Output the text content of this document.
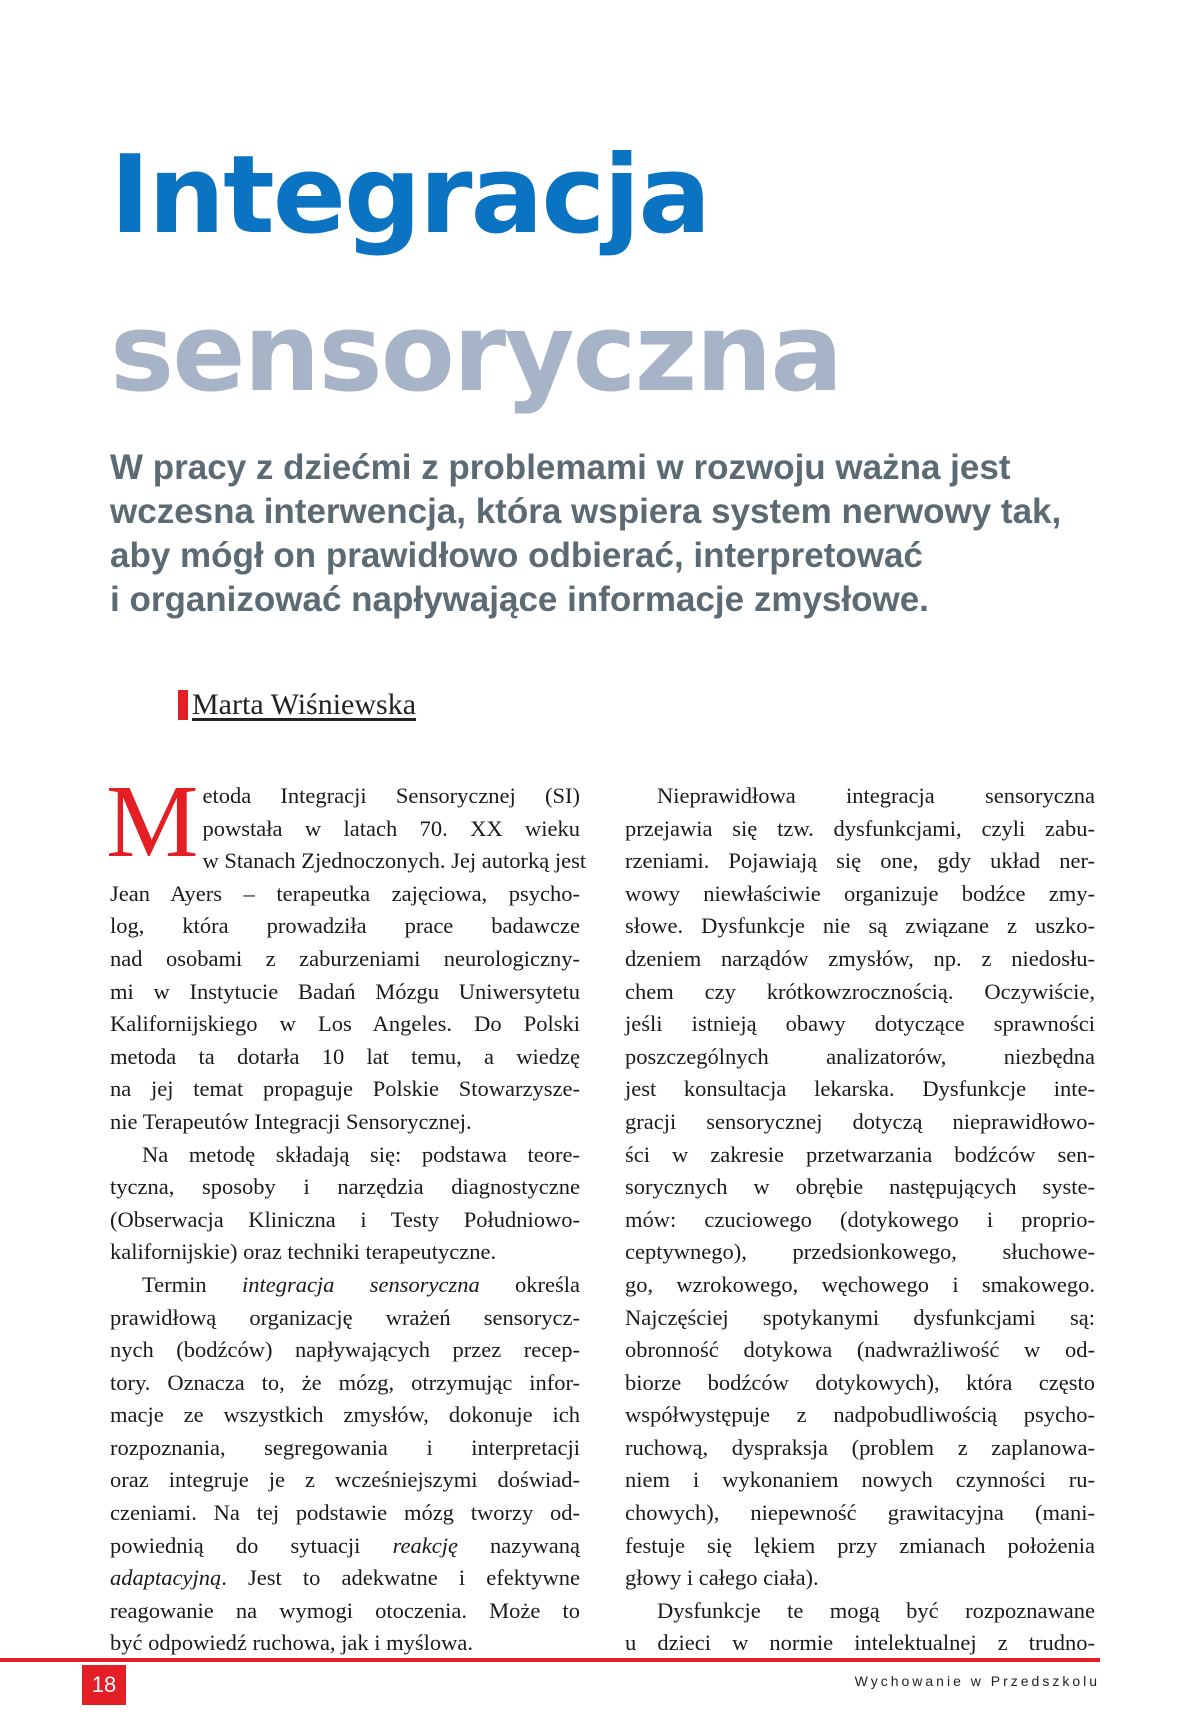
Integracja
sensoryczna
W pracy z dziećmi z problemami w rozwoju ważna jest
wczesna interwencja, która wspiera system nerwowy tak,
aby mógł on prawidłowo odbierać, interpretować
i organizować napływające informacje zmysłowe.
Marta Wiśniewska
M etoda Integracji Sensorycznej (SI)
powstała w latach 70. XX wieku
w Stanach Zjednoczonych. Jej autorką jest
Jean Ayers – terapeutka zajęciowa, psycho-
log, która prowadziła prace badawcze
nad osobami z zaburzeniami neurologiczny-
mi w Instytucie Badań Mózgu Uniwersytetu
Kalifornijskiego w Los Angeles. Do Polski
metoda ta dotarła 10 lat temu, a wiedzę
na jej temat propaguje Polskie Stowarzysze-
nie Terapeutów Integracji Sensorycznej.
Na metodę składają się: podstawa teore-
tyczna, sposoby i narzędzia diagnostyczne
(Obserwacja Kliniczna i Testy Południowo-
kalifornijskie) oraz techniki terapeutyczne.
Termin integracja sensoryczna określa
prawidłową organizację wrażeń sensorycz-
nych (bodźców) napływających przez recep-
tory. Oznacza to, że mózg, otrzymując infor-
macje ze wszystkich zmysłów, dokonuje ich
rozpoznania, segregowania i interpretacji
oraz integruje je z wcześniejszymi doświad-
czeniami. Na tej podstawie mózg tworzy od-
powiednią do sytuacji reakcję nazywaną
adaptacyjną. Jest to adekwatne i efektywne
reagowanie na wymogi otoczenia. Może to
być odpowiedź ruchowa, jak i myślowa.
Nieprawidłowa integracja sensoryczna
przejawia się tzw. dysfunkcjami, czyli zabu-
rzeniami. Pojawiają się one, gdy układ ner-
wowy niewłaściwie organizuje bodźce zmy-
słowe. Dysfunkcje nie są związane z uszko-
dzeniem narządów zmysłów, np. z niedosłu-
chem czy krótkowzrocznością. Oczywiście,
jeśli istnieją obawy dotyczące sprawności
poszczególnych analizatorów, niezbędna
jest konsultacja lekarska. Dysfunkcje inte-
gracji sensorycznej dotyczą nieprawidłowo-
ści w zakresie przetwarzania bodźców sen-
sorycznych w obrębie następujących syste-
mów: czuciowego (dotykowego i proprio-
ceptywnego), przedsionkowego, słuchowe-
go, wzrokowego, węchowego i smakowego.
Najczęściej spotykanymi dysfunkcjami są:
obronność dotykowa (nadwrażliwość w od-
biorze bodźców dotykowych), która często
współwystępuje z nadpobudliwością psycho-
ruchową, dyspraksja (problem z zaplanowa-
niem i wykonaniem nowych czynności ru-
chowych), niepewność grawitacyjna (mani-
festuje się lękiem przy zmianach położenia
głowy i całego ciała).
Dysfunkcje te mogą być rozpoznawane
u dzieci w normie intelektualnej z trudno-
18	Wychowanie w Przedszkolu
